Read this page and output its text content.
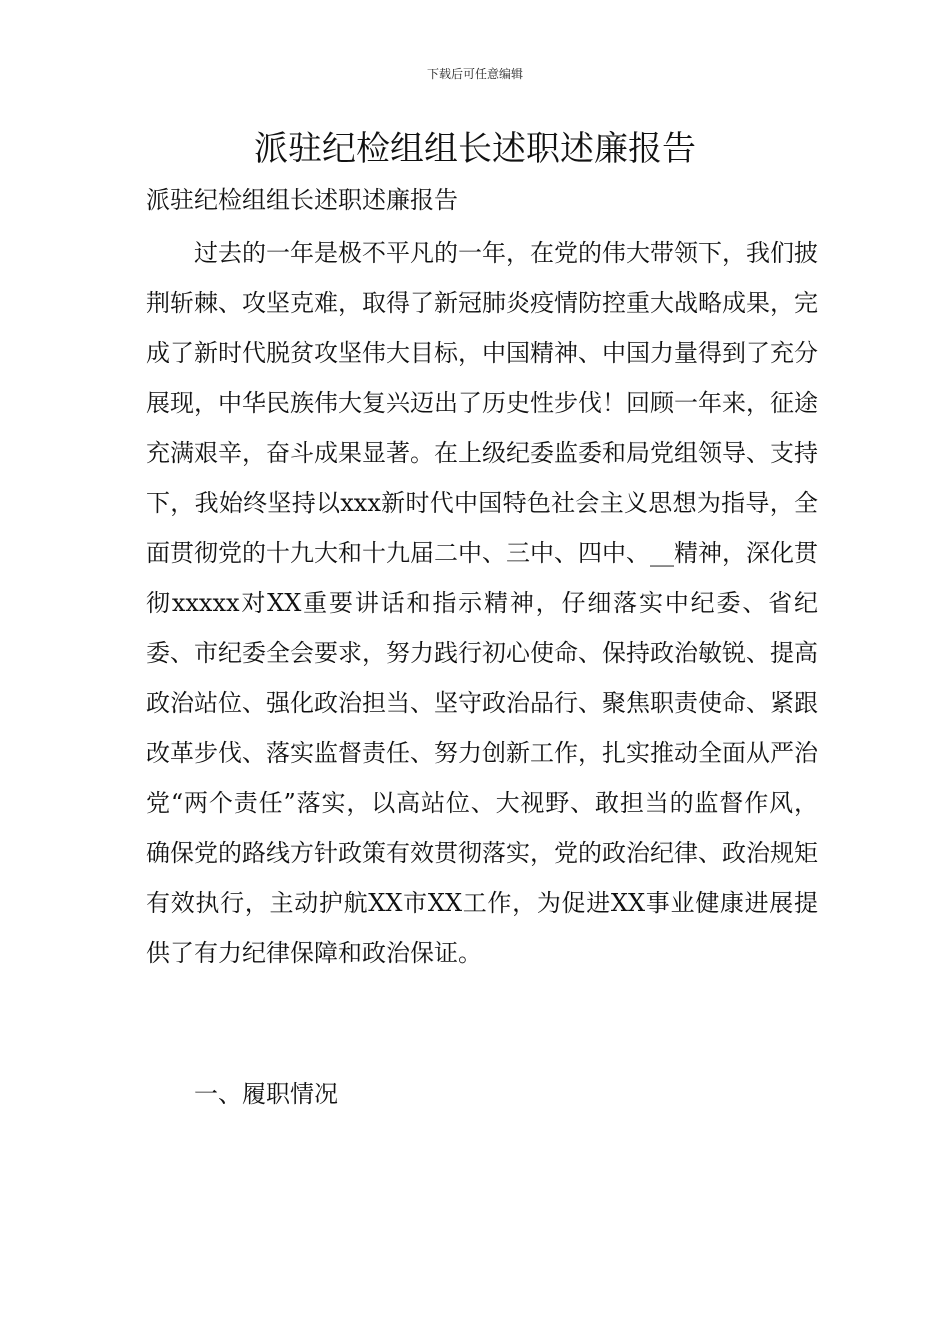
下载后可任意编辑
派驻纪检组组长述职述廉报告

派驻纪检组组长述职述廉报告

过去的一年是极不平凡的一年，在党的伟大带领下，我们披荆斩棘、攻坚克难，取得了新冠肺炎疫情防控重大战略成果，完成了新时代脱贫攻坚伟大目标，中国精神、中国力量得到了充分展现，中华民族伟大复兴迈出了历史性步伐！回顾一年来，征途充满艰辛，奋斗成果显著。在上级纪委监委和局党组领导、支持下，我始终坚持以xxx新时代中国特色社会主义思想为指导，全面贯彻党的十九大和十九届二中、三中、四中、__精神，深化贯彻xxxxx对XX重要讲话和指示精神，仔细落实中纪委、省纪委、市纪委全会要求，努力践行初心使命、保持政治敏锐、提高政治站位、强化政治担当、坚守政治品行、聚焦职责使命、紧跟改革步伐、落实监督责任、努力创新工作，扎实推动全面从严治党“两个责任”落实，以高站位、大视野、敢担当的监督作风，确保党的路线方针政策有效贯彻落实，党的政治纪律、政治规矩有效执行，主动护航XX市XX工作，为促进XX事业健康进展提供了有力纪律保障和政治保证。

一、履职情况
